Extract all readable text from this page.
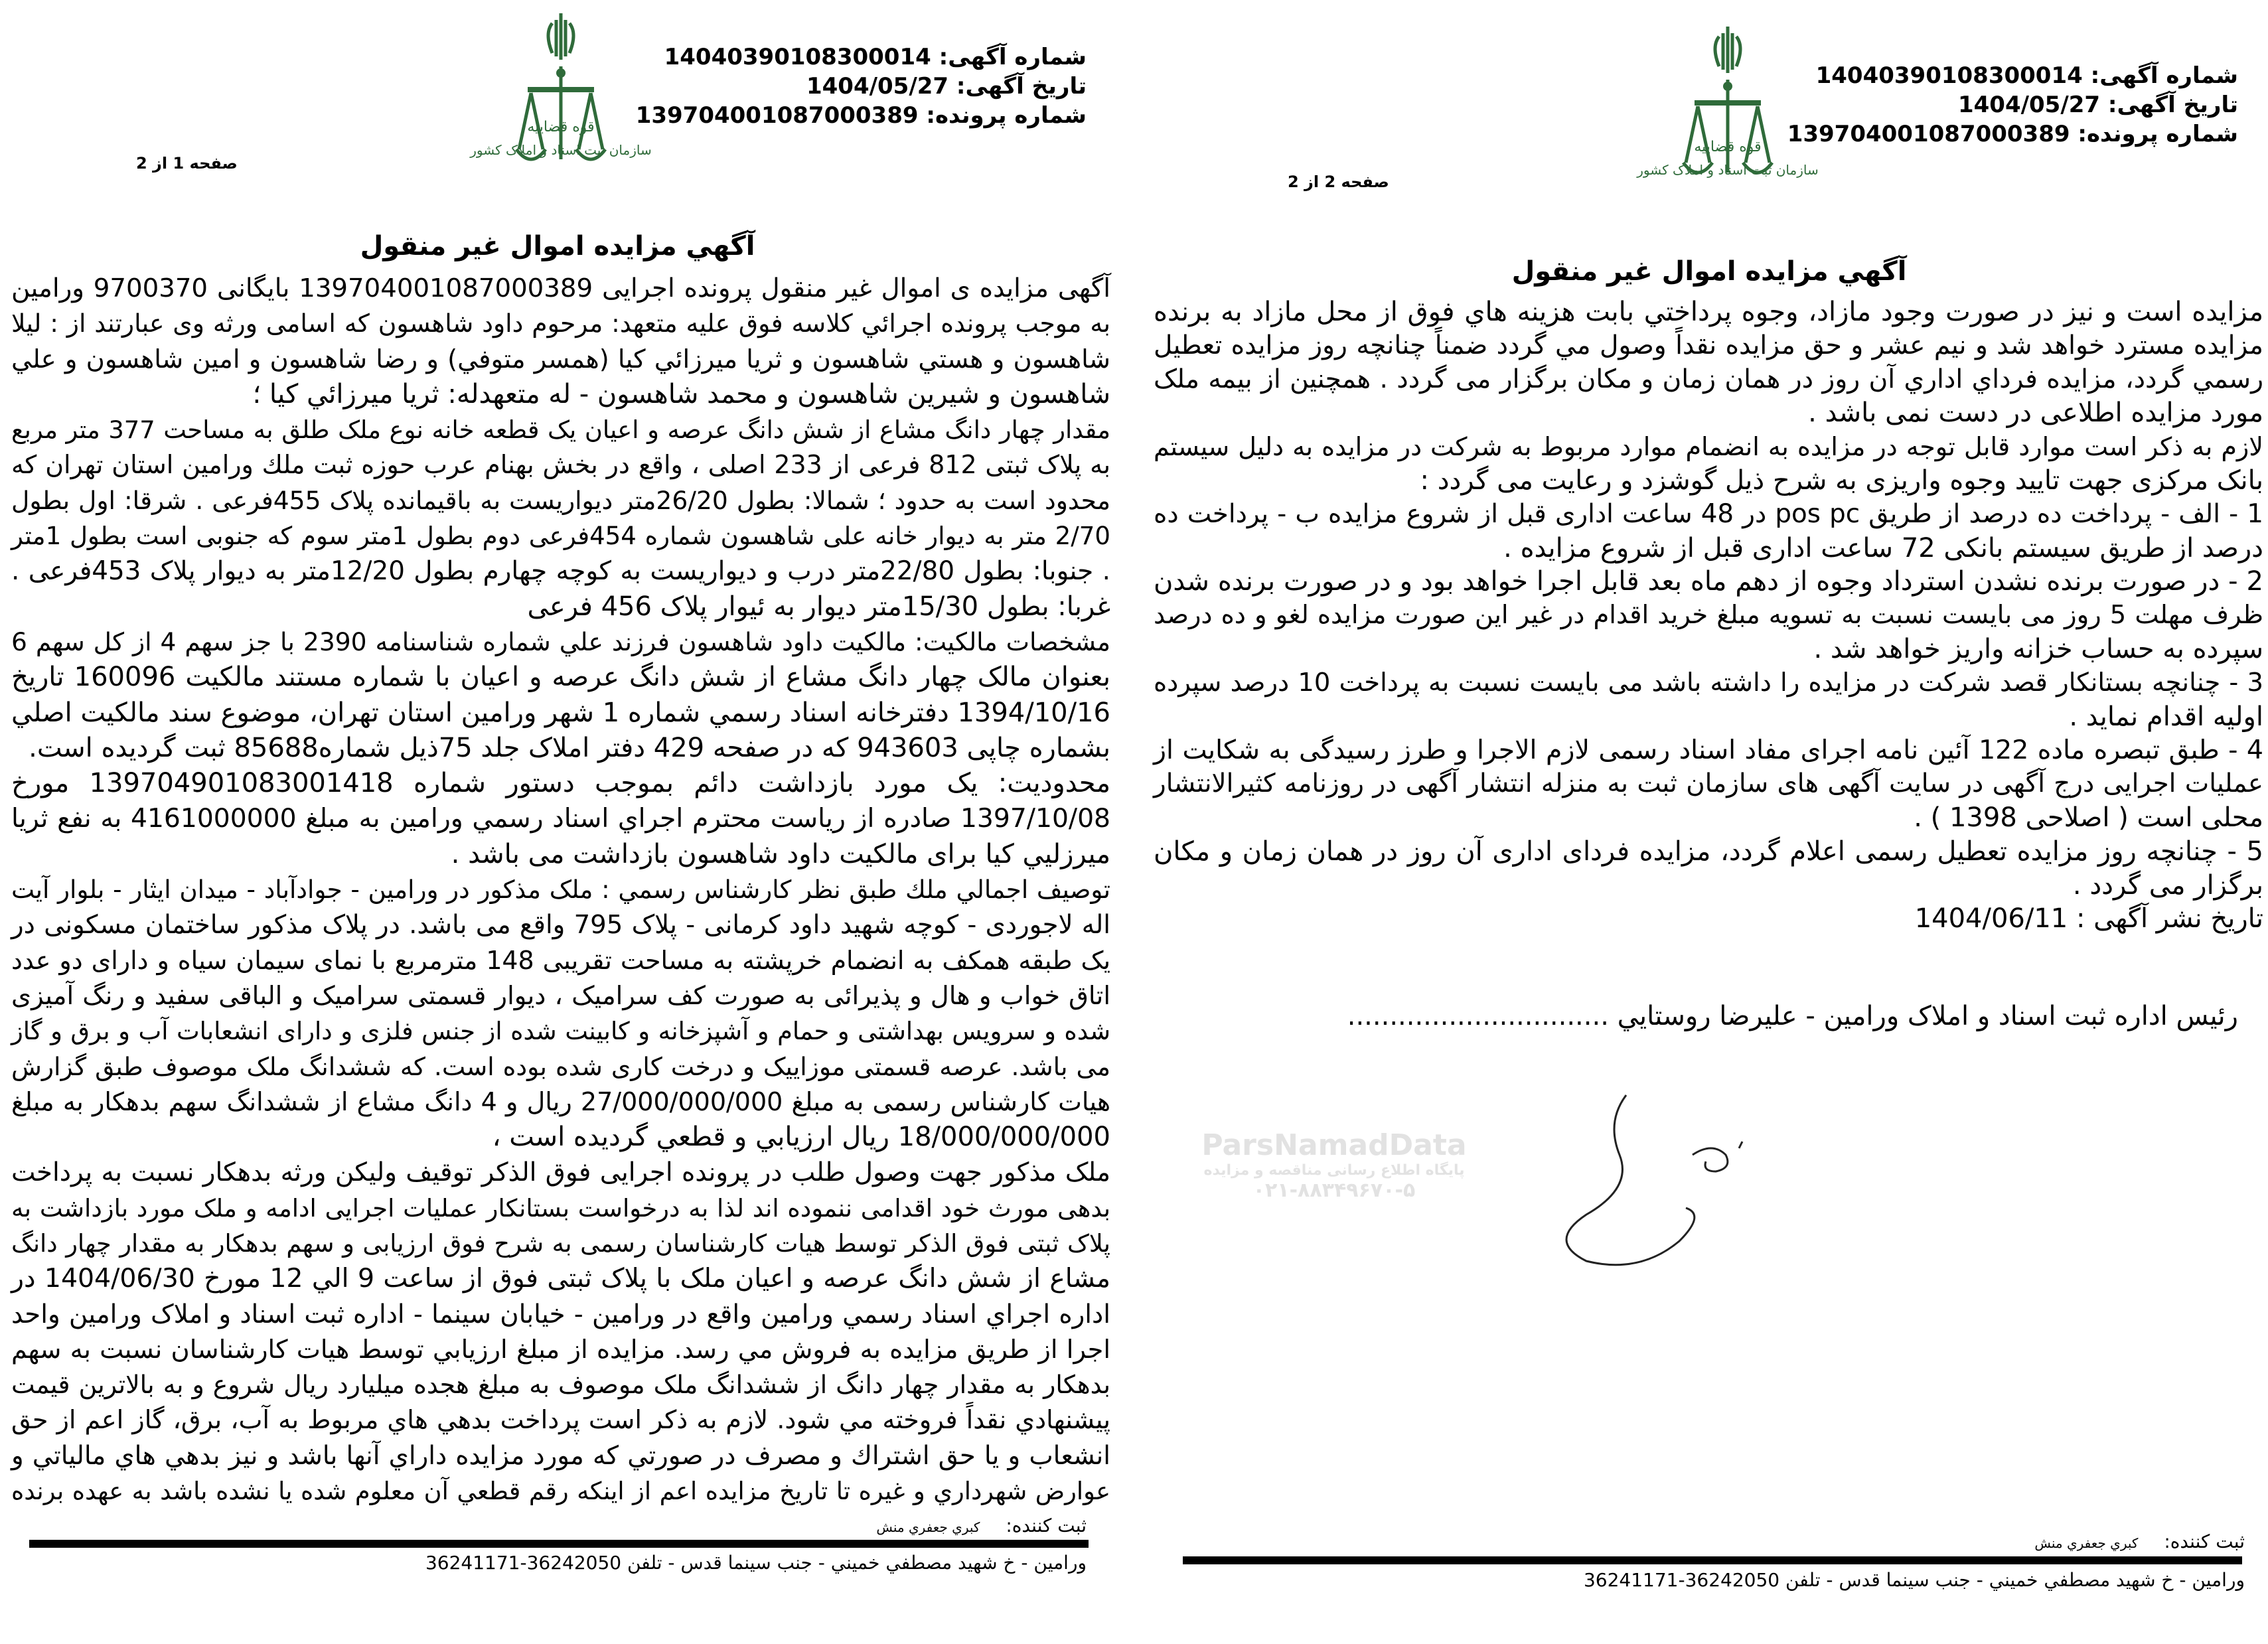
شماره آگهی: 14040390108300014
تاریخ آگهی: 1404/05/27
شماره پرونده: 139704001087000389
قوه قضاییه
سازمان ثبت اسناد و املاک کشور
صفحه 1 از 2
آگهي مزايده اموال غير منقول
آگهی مزایده ی اموال غیر منقول پرونده اجرایی 139704001087000389 بایگانی 9700370 ورامین
به موجب پرونده اجرائي كلاسه فوق علیه متعهد: مرحوم داود شاهسون که اسامی ورثه وی عبارتند از : لیلا
شاهسون و هستي شاهسون و ثريا ميرزائي كيا (همسر متوفي) و رضا شاهسون و امين شاهسون و علي
شاهسون و شيرين شاهسون و محمد شاهسون - له متعهدله: ثريا ميرزائي كيا ؛
مقدار چهار دانگ مشاع از شش دانگ عرصه و اعیان یک قطعه خانه نوع ملک طلق به مساحت 377 متر مربع
به پلاک ثبتی 812 فرعی از 233 اصلی ، واقع در بخش بهنام عرب حوزه ثبت ملك ورامين استان تهران که
محدود است به حدود ؛ شمالا: بطول 26/20متر دیواریست به باقیمانده پلاک 455فرعی . شرقا: اول بطول
2/70 متر به دیوار خانه علی شاهسون شماره 454فرعی دوم بطول 1متر سوم که جنوبی است بطول 1متر
. جنوبا: بطول 22/80متر درب و دیواریست به کوچه چهارم بطول 12/20متر به دیوار پلاک 453فرعی .
غربا: بطول 15/30متر دیوار به ئیوار پلاک 456 فرعی
مشخصات مالكيت: مالكيت داود شاهسون فرزند علي شماره شناسنامه 2390 با جز سهم 4 از کل سهم 6
بعنوان مالک چهار دانگ مشاع از شش دانگ عرصه و اعیان با شماره مستند مالكيت 160096 تاریخ
1394/10/16 دفترخانه اسناد رسمي شماره 1 شهر ورامين استان تهران، موضوع سند مالكيت اصلي
بشماره چاپی 943603 که در صفحه 429 دفتر املاک جلد 75ذیل شماره85688 ثبت گردیده است.
محدودیت: یک مورد بازداشت دائم بموجب دستور شماره 139704901083001418 مورخ
1397/10/08 صادره از رياست محترم اجراي اسناد رسمي ورامين به مبلغ 4161000000 به نفع ثريا
ميرزليي كيا براى مالكيت داود شاهسون بازداشت مى باشد .
توصيف اجمالي ملك طبق نظر كارشناس رسمي : ملک مذکور در ورامین - جوادآباد - میدان ایثار - بلوار آیت
اله لاجوردی - کوچه شهید داود کرمانی - پلاک 795 واقع می باشد. در پلاک مذکور ساختمان مسکونی در
یک طبقه همکف به انضمام خرپشته به مساحت تقریبی 148 مترمربع با نمای سیمان سیاه و دارای دو عدد
اتاق خواب و هال و پذیرائی به صورت کف سرامیک ، دیوار قسمتی سرامیک و الباقی سفید و رنگ آمیزی
شده و سرویس بهداشتی و حمام و آشپزخانه و کابینت شده از جنس فلزی و دارای انشعابات آب و برق و گاز
می باشد. عرصه قسمتی موزاییک و درخت کاری شده بوده است. که ششدانگ ملک موصوف طبق گزارش
هیات کارشناس رسمی به مبلغ 27/000/000/000 ریال و 4 دانگ مشاع از ششدانگ سهم بدهکار به مبلغ
18/000/000/000 ریال ارزيابي و قطعي گرديده است ،
ملک مذکور جهت وصول طلب در پرونده اجرایی فوق الذکر توقیف ولیکن ورثه بدهکار نسبت به پرداخت
بدهی مورث خود اقدامی ننموده اند لذا به درخواست بستانکار عملیات اجرایی ادامه و ملک مورد بازداشت به
پلاک ثبتی فوق الذکر توسط هیات کارشناسان رسمی به شرح فوق ارزیابی و سهم بدهکار به مقدار چهار دانگ
مشاع از شش دانگ عرصه و اعیان ملک با پلاک ثبتی فوق از ساعت 9 الي 12 مورخ 1404/06/30 در
اداره اجراي اسناد رسمي ورامين واقع در ورامين - خيابان سينما - اداره ثبت اسناد و املاک ورامين واحد
اجرا از طريق مزايده به فروش مي رسد. مزايده از مبلغ ارزيابي توسط هيات كارشناسان نسبت به سهم
بدهكار به مقدار چهار دانگ از ششدانگ ملک موصوف به مبلغ هجده میلیارد ریال شروع و به بالاترين قيمت
پيشنهادي نقداً فروخته مي شود. لازم به ذكر است پرداخت بدهي هاي مربوط به آب، برق، گاز اعم از حق
انشعاب و يا حق اشتراك و مصرف در صورتي كه مورد مزايده داراي آنها باشد و نيز بدهي هاي مالياتي و
عوارض شهرداري و غيره تا تاريخ مزايده اعم از اينكه رقم قطعي آن معلوم شده يا نشده باشد به عهده برنده
ثبت كننده: كبري جعفري منش
ورامين - خ شهيد مصطفي خميني - جنب سينما قدس - تلفن 36242050-36241171
شماره آگهی: 14040390108300014
تاریخ آگهی: 1404/05/27
شماره پرونده: 139704001087000389
قوه قضاییه
سازمان ثبت اسناد و املاک کشور
صفحه 2 از 2
آگهي مزايده اموال غير منقول
مزایده است و نیز در صورت وجود مازاد، وجوه پرداختي بابت هزينه هاي فوق از محل مازاد به برنده
مزايده مسترد خواهد شد و نيم عشر و حق مزايده نقداً وصول مي گردد ضمناً چنانچه روز مزايده تعطيل
رسمي گردد، مزايده فرداي اداري آن روز در همان زمان و مکان برگزار می گردد . همچنین از بیمه ملک
مورد مزایده اطلاعی در دست نمی باشد .
لازم به ذکر است موارد قابل توجه در مزایده به انضمام موارد مربوط به شرکت در مزایده به دلیل سیستم
بانک مرکزی جهت تایید وجوه واریزی به شرح ذیل گوشزد و رعایت می گردد :
1 - الف - پرداخت ده درصد از طریق pos pc در 48 ساعت اداری قبل از شروع مزایده ب - پرداخت ده
درصد از طریق سیستم بانکی 72 ساعت اداری قبل از شروع مزایده .
2 - در صورت برنده نشدن استرداد وجوه از دهم ماه بعد قابل اجرا خواهد بود و در صورت برنده شدن
ظرف مهلت 5 روز می بایست نسبت به تسویه مبلغ خرید اقدام در غیر این صورت مزایده لغو و ده درصد
سپرده به حساب خزانه واریز خواهد شد .
3 - چنانچه بستانکار قصد شرکت در مزایده را داشته باشد می بایست نسبت به پرداخت 10 درصد سپرده
اولیه اقدام نماید .
4 - طبق تبصره ماده 122 آئين نامه اجرای مفاد اسناد رسمی لازم الاجرا و طرز رسیدگی به شکایت از
عملیات اجرایی درج آگهی در سایت آگهی های سازمان ثبت به منزله انتشار آگهی در روزنامه کثیرالانتشار
محلی است ( اصلاحی 1398 ) .
5 - چنانچه روز مزایده تعطیل رسمی اعلام گردد، مزایده فردای اداری آن روز در همان زمان و مکان
برگزار می گردد .
تاریخ نشر آگهی : 1404/06/11
رئيس اداره ثبت اسناد و املاک ورامين - عليرضا روستايي ...............................
ParsNamadData
پایگاه اطلاع رسانی مناقصه و مزایده
۰۲۱-۸۸۳۴۹۶۷۰-۵
ثبت كننده: كبري جعفري منش
ورامين - خ شهيد مصطفي خميني - جنب سينما قدس - تلفن 36242050-36241171
